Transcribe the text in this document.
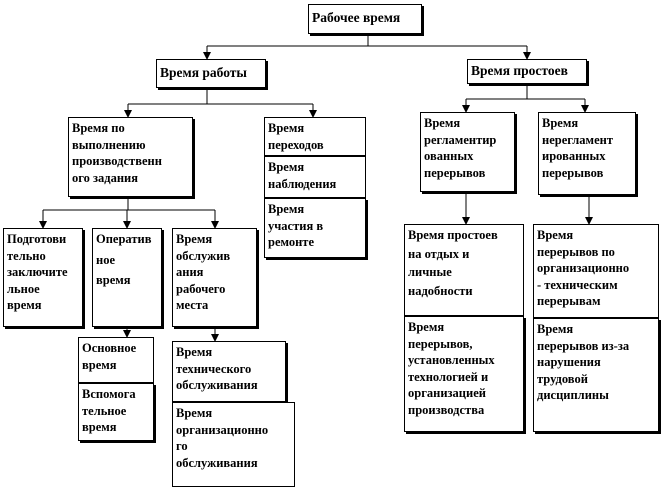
Рабочее время
Время работы	Время простоев
Время по
выполнению
производственн
ого задания
Время
переходов
Время
наблюдения
Время
участия в
ремонте
Время
регламентир
ованных
перерывов
Время
нерегламент
ированных
перерывов
Подготови
тельно
заключите
льное
время
Оператив
ное
время
Время
обслужив
ания
рабочего
места
Основное
время
Вспомога
тельное
время
Время
технического
обслуживания
Время
организационно
го
обслуживания
Время простоев
на отдых и
личные
надобности
Время
перерывов,
установленных
технологией и
организацией
производства
Время
перерывов по
организационно
- техническим
перерывам
Время
перерывов из-за
нарушения
трудовой
дисциплины
